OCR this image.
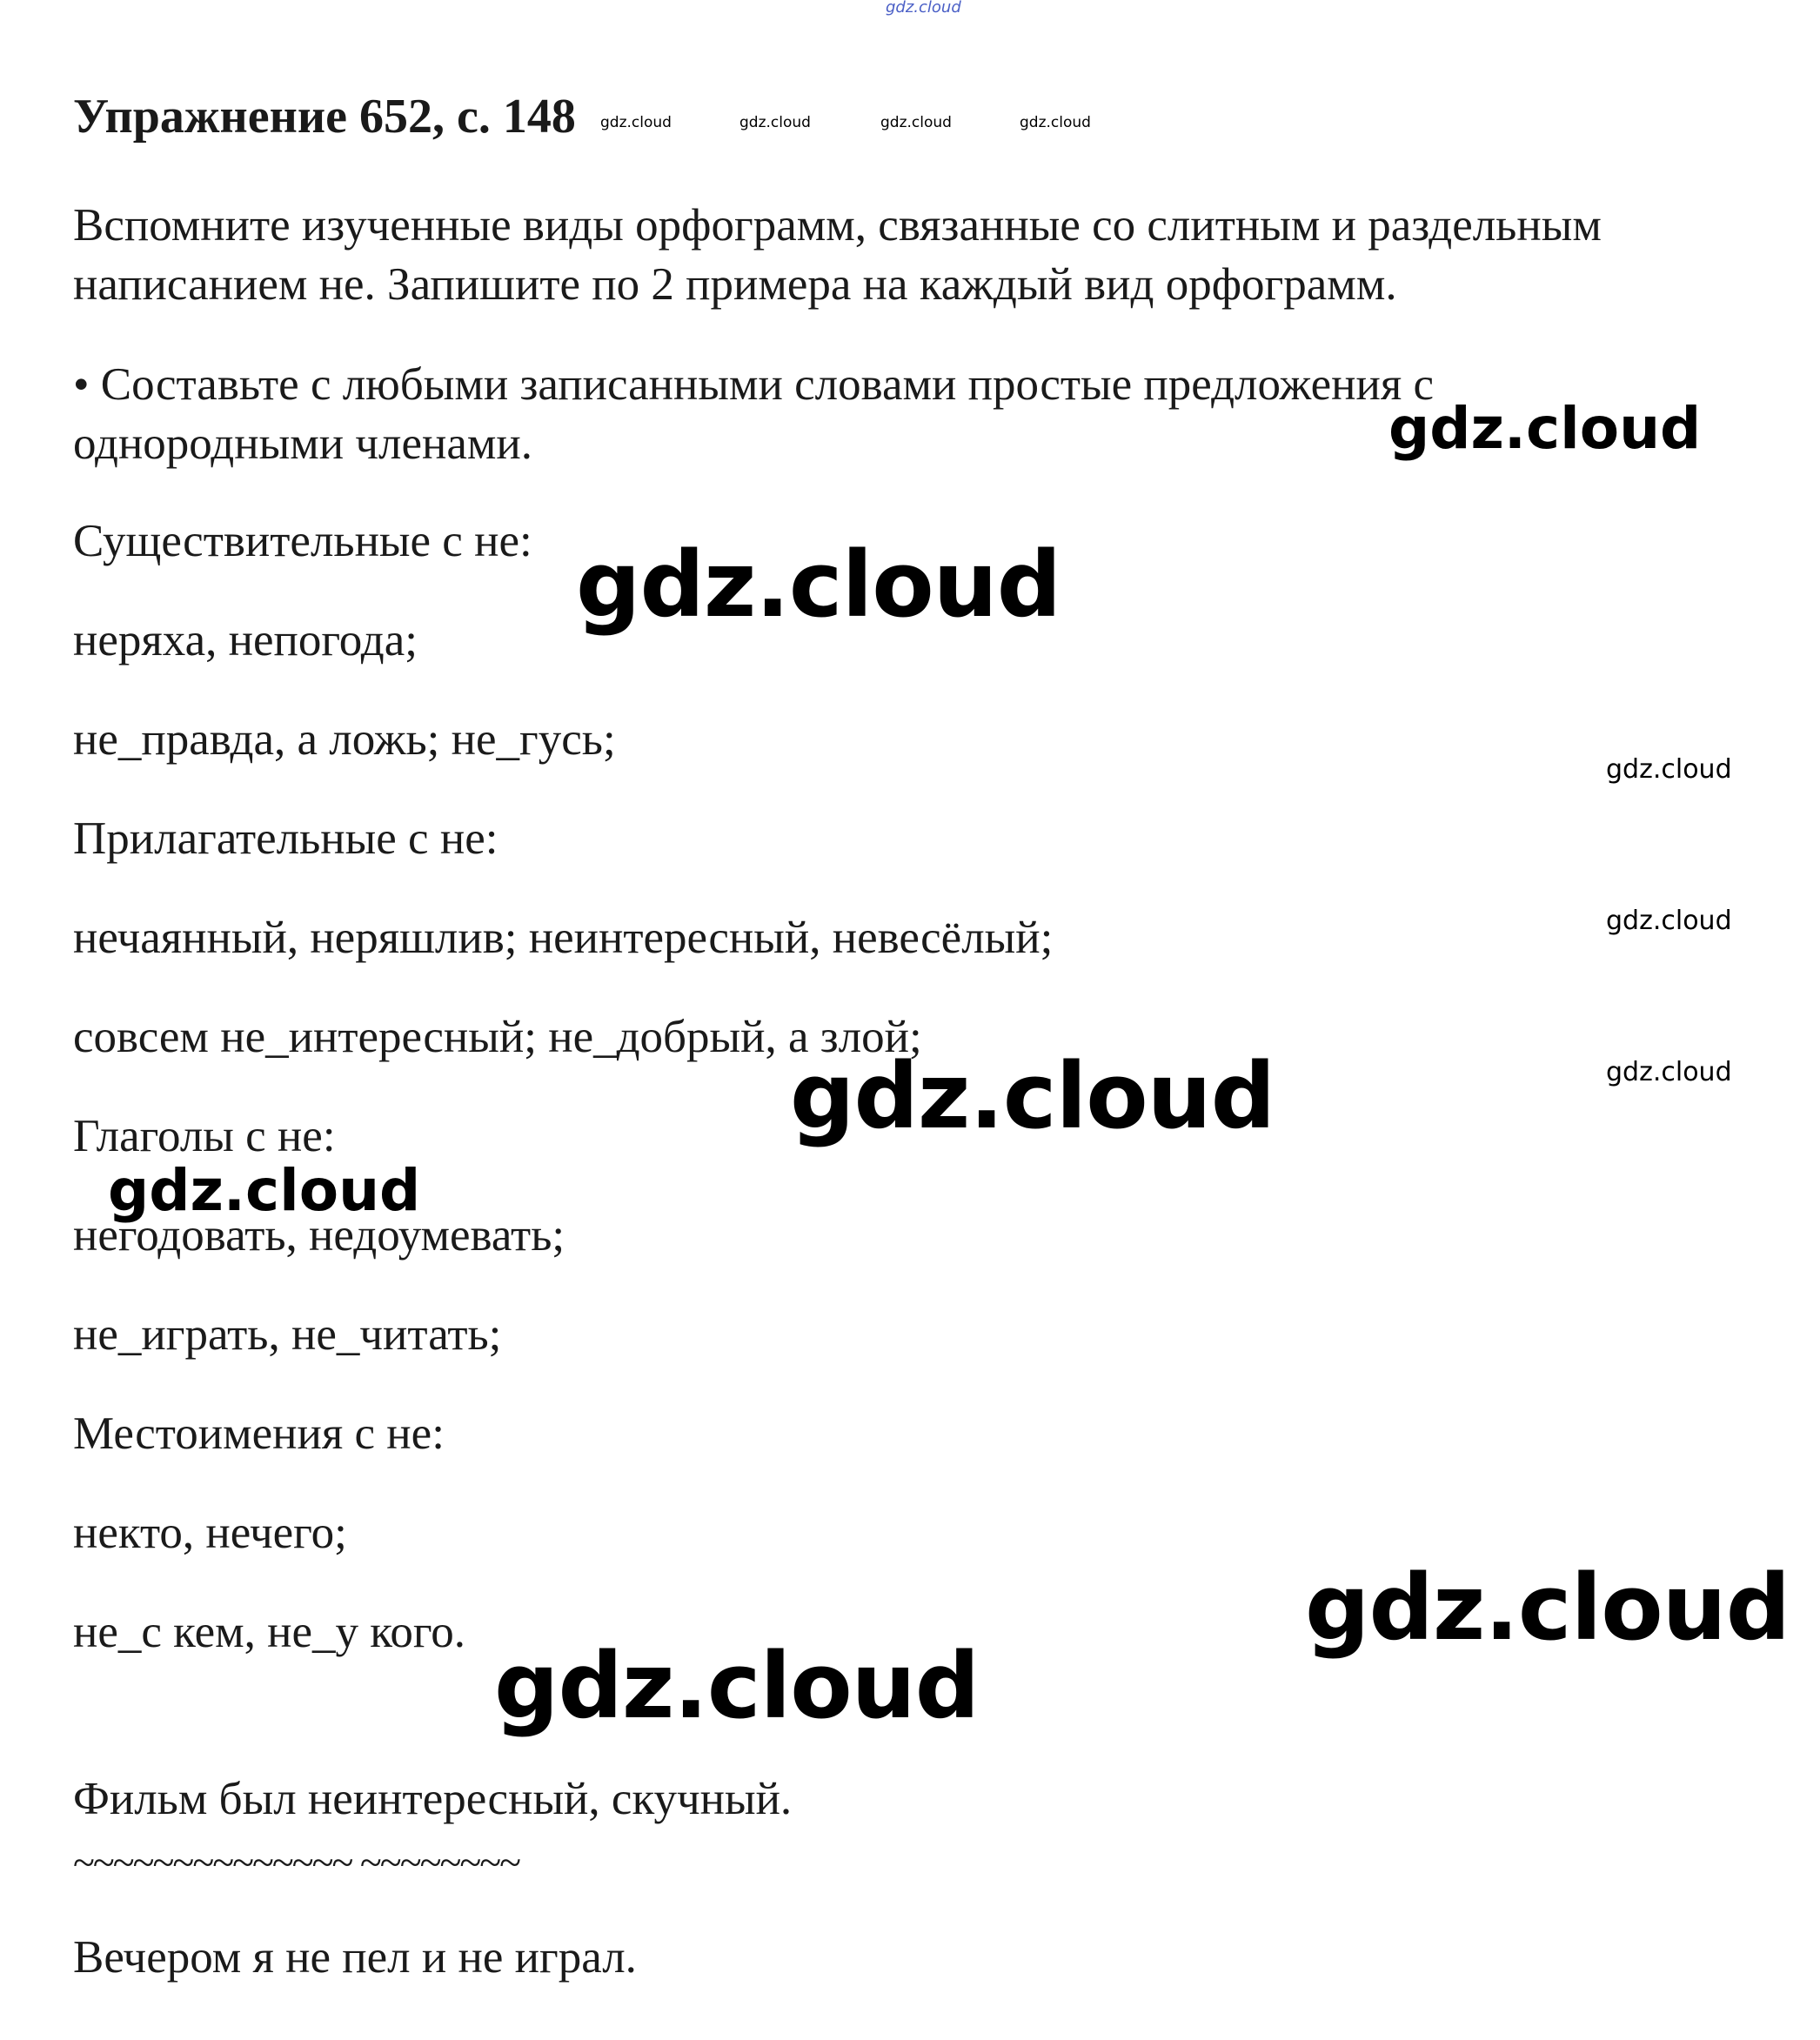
gdz.cloud
Упражнение 652, с. 148 gdz.cloud	gdz.cloud	gdz.cloud	gdz.cloud
Вспомните изученные виды орфограмм, связанные со слитным и раздельным
написанием не. Запишите по 2 примера на каждый вид орфограмм.
• Составьте с любыми записанными словами простые предложения с
однородными членами.
Существительные с не:
неряха, непогода;
не_правда, а ложь; не_гусь;
Прилагательные с не:
нечаянный, неряшлив; неинтересный, невесёлый;
совсем не_интересный; не_добрый, а злой;
Глаголы с не:
негодовать, недоумевать;
не_играть, не_читать;
Местоимения с не:
некто, нечего;
не_с кем, не_у кого.
Фильм был неинтересный, скучный.
~~~~~~~~~~~~~~ ~~~~~~~~
Вечером я не пел и не играл.
gdz.cloud
gdz.cloud
gdz.cloud
gdz.cloud
gdz.cloud
gdz.cloud
gdz.cloud
gdz.cloud
gdz.cloud
